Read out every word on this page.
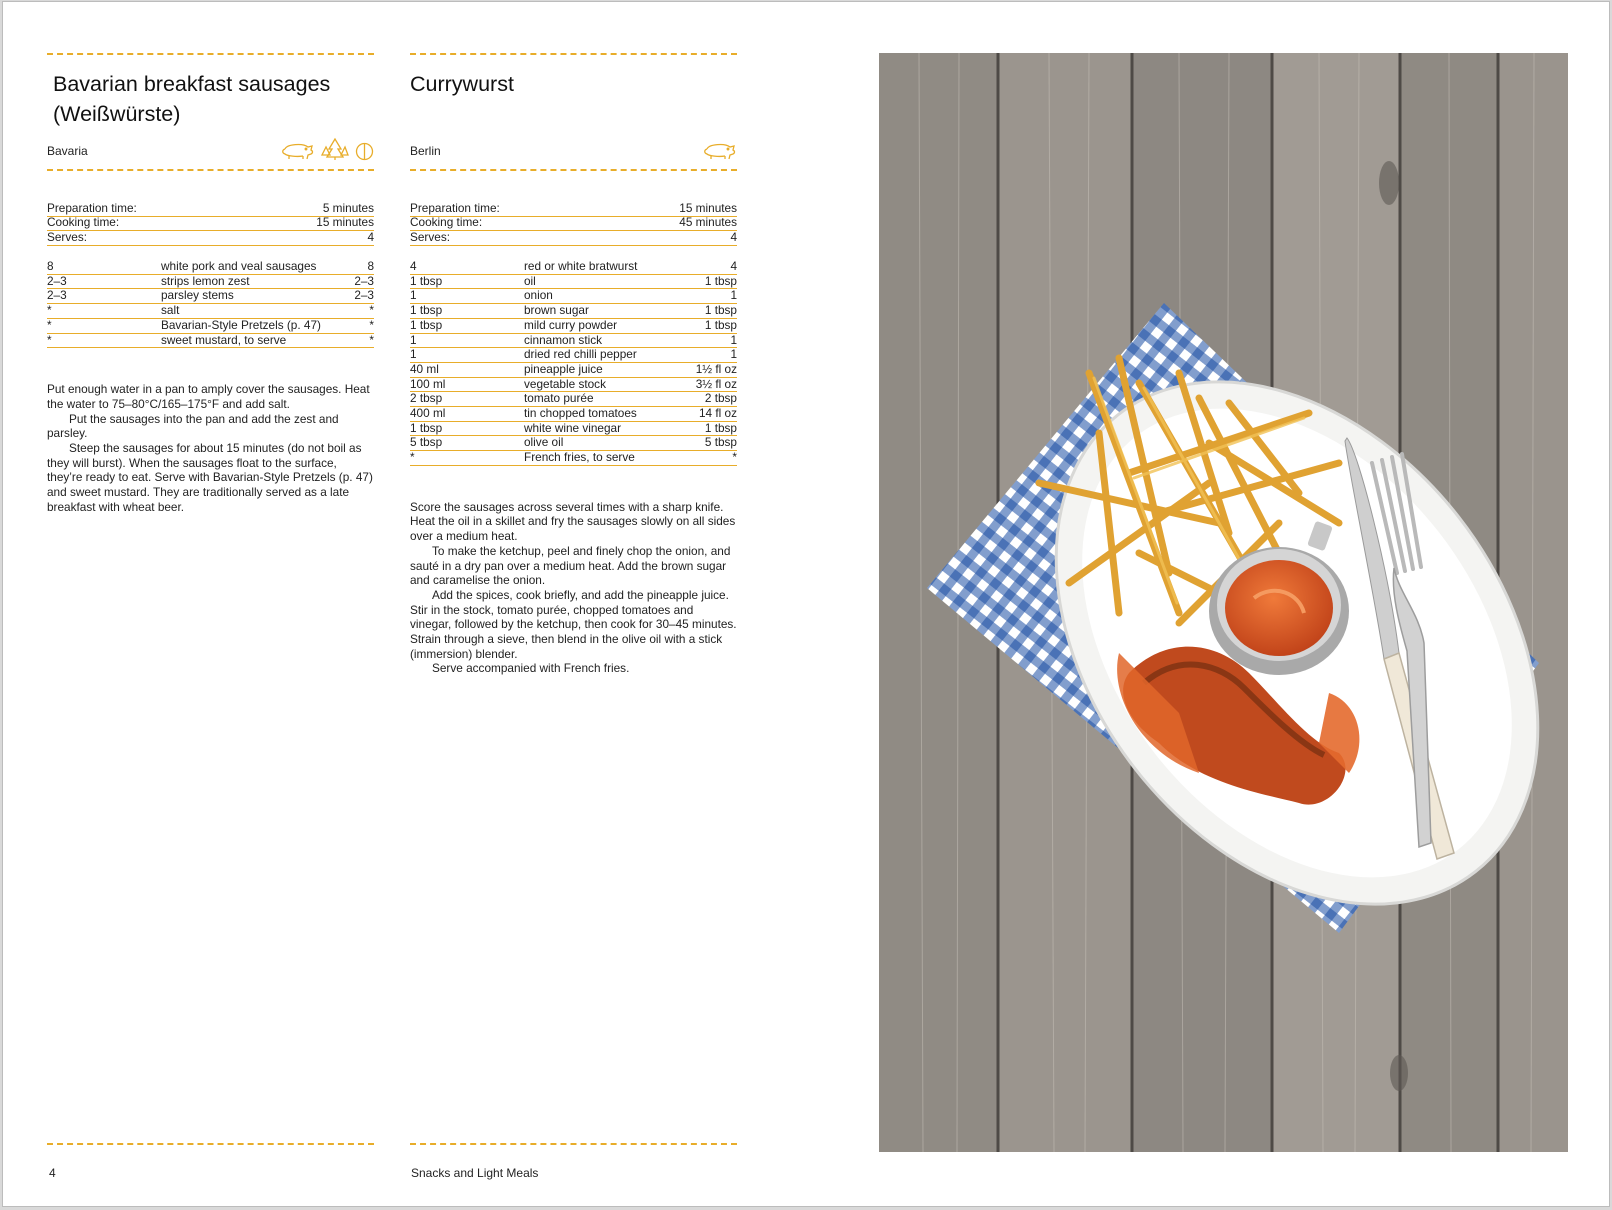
Bavarian breakfast sausages (Weißwürste)
Bavaria
Preparation time:	5 minutes
Cooking time:	15 minutes
Serves:	4
8	white pork and veal sausages	8
2–3	strips lemon zest	2–3
2–3	parsley stems	2–3
*	salt	*
*	Bavarian-Style Pretzels (p. 47)	*
*	sweet mustard, to serve	*

Put enough water in a pan to amply cover the sausages. Heat the water to 75–80°C/165–175°F and add salt.

Put the sausages into the pan and add the zest and parsley.

Steep the sausages for about 15 minutes (do not boil as they will burst). When the sausages float to the surface, they’re ready to eat. Serve with Bavarian-Style Pretzels (p. 47) and sweet mustard. They are traditionally served as a late breakfast with wheat beer.

Currywurst
Berlin
Preparation time:	15 minutes
Cooking time:	45 minutes
Serves:	4
4	red or white bratwurst	4
1 tbsp	oil	1 tbsp
1	onion	1
1 tbsp	brown sugar	1 tbsp
1 tbsp	mild curry powder	1 tbsp
1	cinnamon stick	1
1	dried red chilli pepper	1
40 ml	pineapple juice	1½ fl oz
100 ml	vegetable stock	3½ fl oz
2 tbsp	tomato purée	2 tbsp
400 ml	tin chopped tomatoes	14 fl oz
1 tbsp	white wine vinegar	1 tbsp
5 tbsp	olive oil	5 tbsp
*	French fries, to serve	*

Score the sausages across several times with a sharp knife. Heat the oil in a skillet and fry the sausages slowly on all sides over a medium heat.

To make the ketchup, peel and finely chop the onion, and sauté in a dry pan over a medium heat. Add the brown sugar and caramelise the onion.

Add the spices, cook briefly, and add the pineapple juice. Stir in the stock, tomato purée, chopped tomatoes and vinegar, followed by the ketchup, then cook for 30–45 minutes. Strain through a sieve, then blend in the olive oil with a stick (immersion) blender.

Serve accompanied with French fries.

4	Snacks and Light Meals
